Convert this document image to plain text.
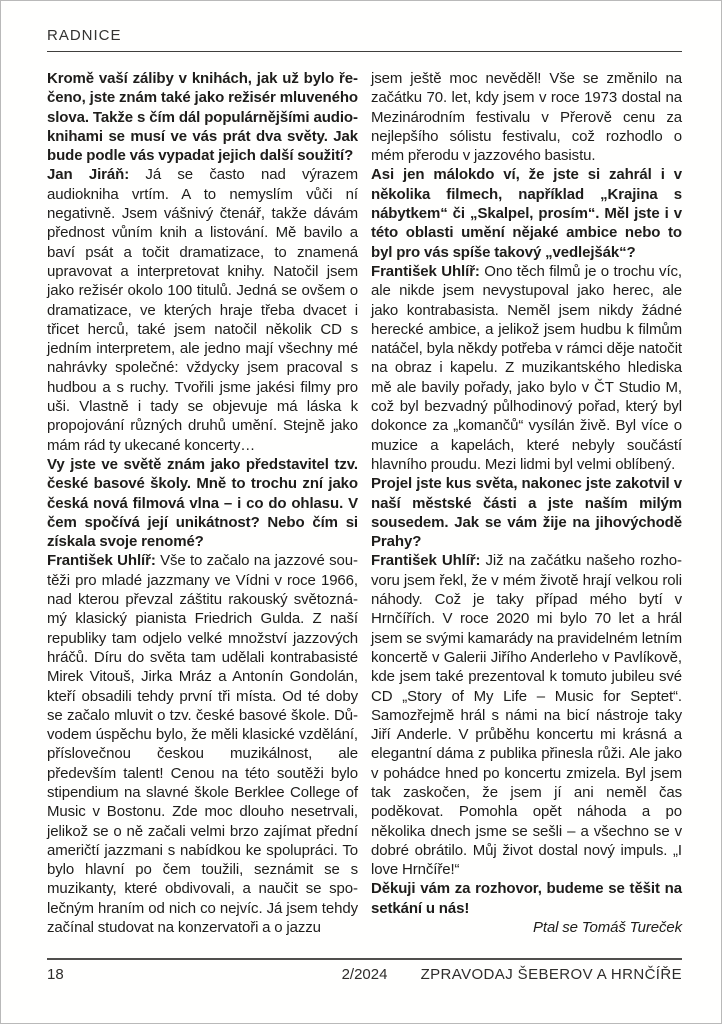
RADNICE
Kromě vaší záliby v knihách, jak už bylo řečeno, jste znám také jako režisér mluveného slova. Takže s čím dál populárnějšími audioknihami se musí ve vás prát dva světy. Jak bude podle vás vypadat jejich další soužití?
Jan Jiráň: Já se často nad výrazem audiokniha vrtím. A to nemyslím vůči ní negativně. Jsem vášnivý čtenář, takže dávám přednost vůním knih a listování. Mě bavilo a baví psát a točit dramatizace, to znamená upravovat a interpretovat knihy. Natočil jsem jako režisér okolo 100 titulů. Jedná se ovšem o dramatizace, ve kterých hraje třeba dvacet i třicet herců, také jsem natočil několik CD s jedním interpretem, ale jedno mají všechny mé nahrávky společné: vždycky jsem pracoval s hudbou a s ruchy. Tvořili jsme jakési filmy pro uši. Vlastně i tady se objevuje má láska k propojování různých druhů umění. Stejně jako mám rád ty ukecané koncerty…
Vy jste ve světě znám jako představitel tzv. české basové školy. Mně to trochu zní jako česká nová filmová vlna – i co do ohlasu. V čem spočívá její unikátnost? Nebo čím si získala svoje renomé?
František Uhlíř: Vše to začalo na jazzové soutěži pro mladé jazzmany ve Vídni v roce 1966, nad kterou převzal záštitu rakouský světoznámý klasický pianista Friedrich Gulda. Z naší republiky tam odjelo velké množství jazzových hráčů. Díru do světa tam udělali kontrabasisté Mirek Vitouš, Jirka Mráz a Antonín Gondolán, kteří obsadili tehdy první tři místa. Od té doby se začalo mluvit o tzv. české basové škole. Důvodem úspěchu bylo, že měli klasické vzdělání, příslovečnou českou muzikálnost, ale především talent! Cenou na této soutěži bylo stipendium na slavné škole Berklee College of Music v Bostonu. Zde moc dlouho nesetrvali, jelikož se o ně začali velmi brzo zajímat přední američtí jazzmani s nabídkou ke spolupráci. To bylo hlavní po čem toužili, seznámit se s muzikanty, které obdivovali, a naučit se společným hraním od nich co nejvíc. Já jsem tehdy začínal studovat na konzervatoři a o jazzu
jsem ještě moc nevěděl! Vše se změnilo na začátku 70. let, kdy jsem v roce 1973 dostal na Mezinárodním festivalu v Přerově cenu za nejlepšího sólistu festivalu, což rozhodlo o mém přerodu v jazzového basistu.
Asi jen málokdo ví, že jste si zahrál i v několika filmech, například „Krajina s nábytkem“ či „Skalpel, prosím“. Měl jste i v této oblasti umění nějaké ambice nebo to byl pro vás spíše takový „vedlejšák“?
František Uhlíř: Ono těch filmů je o trochu víc, ale nikde jsem nevystupoval jako herec, ale jako kontrabasista. Neměl jsem nikdy žádné herecké ambice, a jelikož jsem hudbu k filmům natáčel, byla někdy potřeba v rámci děje natočit na obraz i kapelu. Z muzikantského hlediska mě ale bavily pořady, jako bylo v ČT Studio M, což byl bezvadný půlhodinový pořad, který byl dokonce za „komančů“ vysílán živě. Byl více o muzice a kapelách, které nebyly součástí hlavního proudu. Mezi lidmi byl velmi oblíbený.
Projel jste kus světa, nakonec jste zakotvil v naší městské části a jste naším milým sousedem. Jak se vám žije na jihovýchodě Prahy?
František Uhlíř: Již na začátku našeho rozhovoru jsem řekl, že v mém životě hrají velkou roli náhody. Což je taky případ mého bytí v Hrnčířích. V roce 2020 mi bylo 70 let a hrál jsem se svými kamarády na pravidelném letním koncertě v Galerii Jiřího Anderleho v Pavlíkově, kde jsem také prezentoval k tomuto jubileu své CD „Story of My Life – Music for Septet“. Samozřejmě hrál s námi na bicí nástroje taky Jiří Anderle. V průběhu koncertu mi krásná a elegantní dáma z publika přinesla růži. Ale jako v pohádce hned po koncertu zmizela. Byl jsem tak zaskočen, že jsem jí ani neměl čas poděkovat. Pomohla opět náhoda a po několika dnech jsme se sešli – a všechno se v dobré obrátilo. Můj život dostal nový impuls. „I love Hrnčíře!“
Děkuji vám za rozhovor, budeme se těšit na setkání u nás!
Ptal se Tomáš Tureček
18	2/2024	ZPRAVODAJ ŠEBEROV A HRNČÍŘE
